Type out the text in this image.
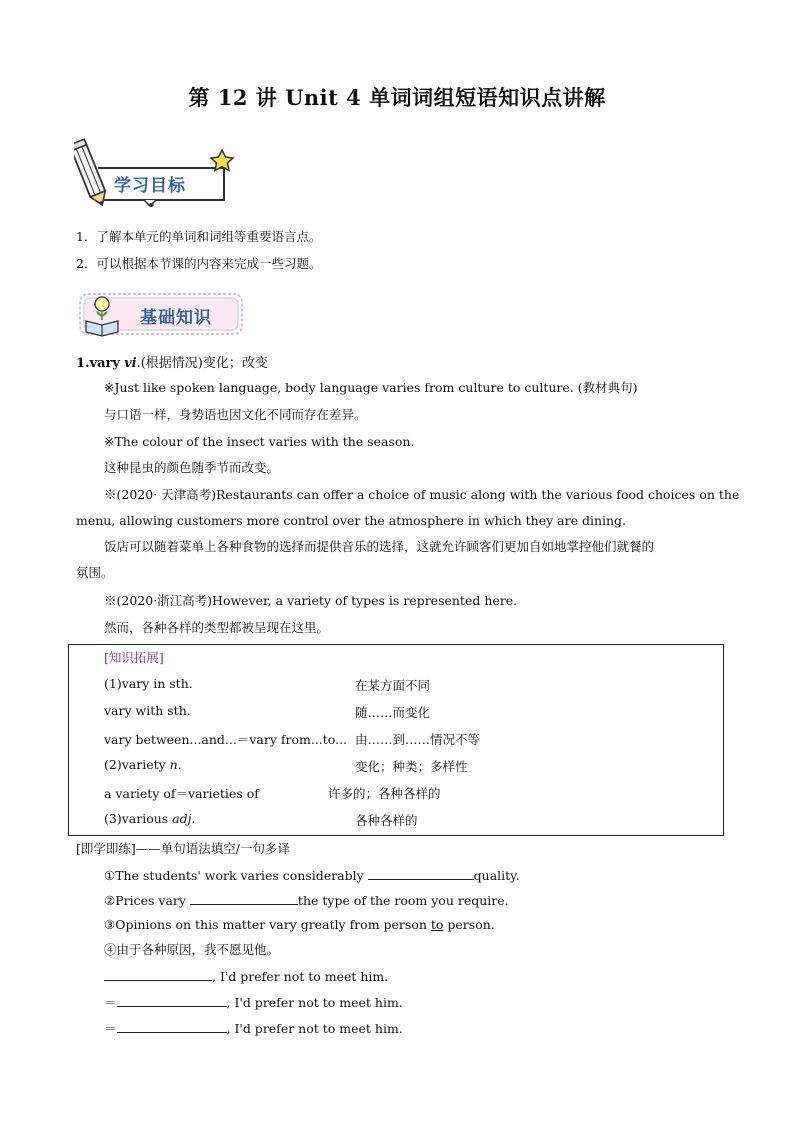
第 12 讲 Unit 4 单词词组短语知识点讲解
学习目标
1．了解本单元的单词和词组等重要语言点。
2．可以根据本节课的内容来完成一些习题。
基础知识
1.vary vi.(根据情况)变化；改变
※Just like spoken language, body language varies from culture to culture. (教材典句)
与口语一样，身势语也因文化不同而存在差异。
※The colour of the insect varies with the season.
这种昆虫的颜色随季节而改变。
※(2020· 天津高考)Restaurants can offer a choice of music along with the various food choices on the
menu, allowing customers more control over the atmosphere in which they are dining.
饭店可以随着菜单上各种食物的选择而提供音乐的选择，这就允许顾客们更加自如地掌控他们就餐的
氛围。
※(2020·浙江高考)However, a variety of types is represented here.
然而，各种各样的类型都被呈现在这里。
[知识拓展]
(1)vary in sth.	在某方面不同
vary with sth.	随……而变化
vary between...and...＝vary from...to... 由……到……情况不等
(2)variety n.	变化；种类；多样性
a variety of＝varieties of	许多的；各种各样的
(3)various adj.	各种各样的
[即学即练]——单句语法填空/一句多译
①The students' work varies considerably	quality.
②Prices vary	the type of the room you require.
③Opinions on this matter vary greatly from person to person.
④由于各种原因，我不愿见他。
, I'd prefer not to meet him.
＝	, I'd prefer not to meet him.
＝	, I'd prefer not to meet him.
